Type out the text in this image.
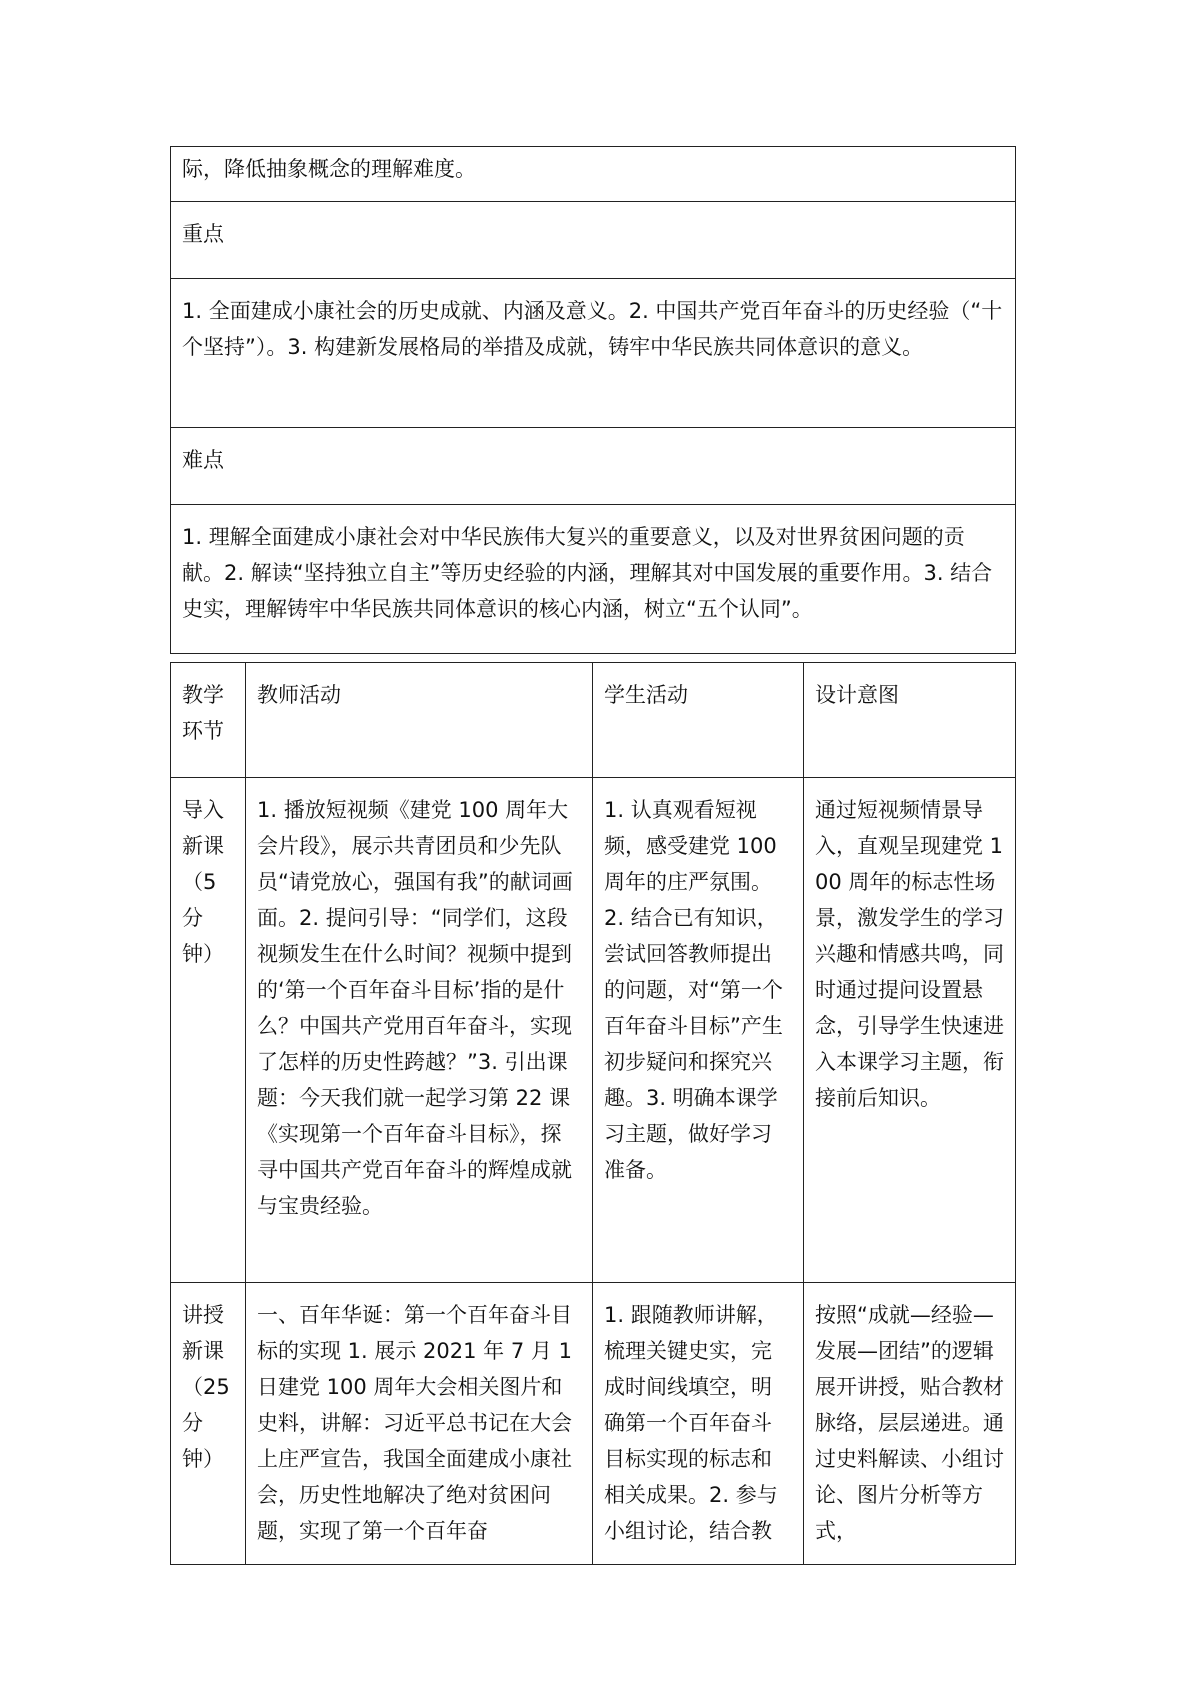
际，降低抽象概念的理解难度。
重点
1. 全面建成小康社会的历史成就、内涵及意义。2. 中国共产党百年奋斗的历史经验（“十个坚持”）。3. 构建新发展格局的举措及成就，铸牢中华民族共同体意识的意义。
难点
1. 理解全面建成小康社会对中华民族伟大复兴的重要意义，以及对世界贫困问题的贡献。2. 解读“坚持独立自主”等历史经验的内涵，理解其对中国发展的重要作用。3. 结合史实，理解铸牢中华民族共同体意识的核心内涵，树立“五个认同”。
教学环节	教师活动	学生活动	设计意图
导入新课（5分钟）	1. 播放短视频《建党 100 周年大会片段》，展示共青团员和少先队员“请党放心，强国有我”的献词画面。2. 提问引导：“同学们，这段视频发生在什么时间？视频中提到的‘第一个百年奋斗目标’指的是什么？中国共产党用百年奋斗，实现了怎样的历史性跨越？”3. 引出课题：今天我们就一起学习第 22 课《实现第一个百年奋斗目标》，探寻中国共产党百年奋斗的辉煌成就与宝贵经验。	1. 认真观看短视频，感受建党 100 周年的庄严氛围。2. 结合已有知识，尝试回答教师提出的问题，对“第一个百年奋斗目标”产生初步疑问和探究兴趣。3. 明确本课学习主题，做好学习准备。	通过短视频情景导入，直观呈现建党 100 周年的标志性场景，激发学生的学习兴趣和情感共鸣，同时通过提问设置悬念，引导学生快速进入本课学习主题，衔接前后知识。
讲授新课（25分钟）	一、百年华诞：第一个百年奋斗目标的实现 1. 展示 2021 年 7 月 1 日建党 100 周年大会相关图片和史料，讲解：习近平总书记在大会上庄严宣告，我国全面建成小康社会，历史性地解决了绝对贫困问题，实现了第一个百年奋	1. 跟随教师讲解，梳理关键史实，完成时间线填空，明确第一个百年奋斗目标实现的标志和相关成果。2. 参与小组讨论，结合教	按照“成就—经验—发展—团结”的逻辑展开讲授，贴合教材脉络，层层递进。通过史料解读、小组讨论、图片分析等方式，
